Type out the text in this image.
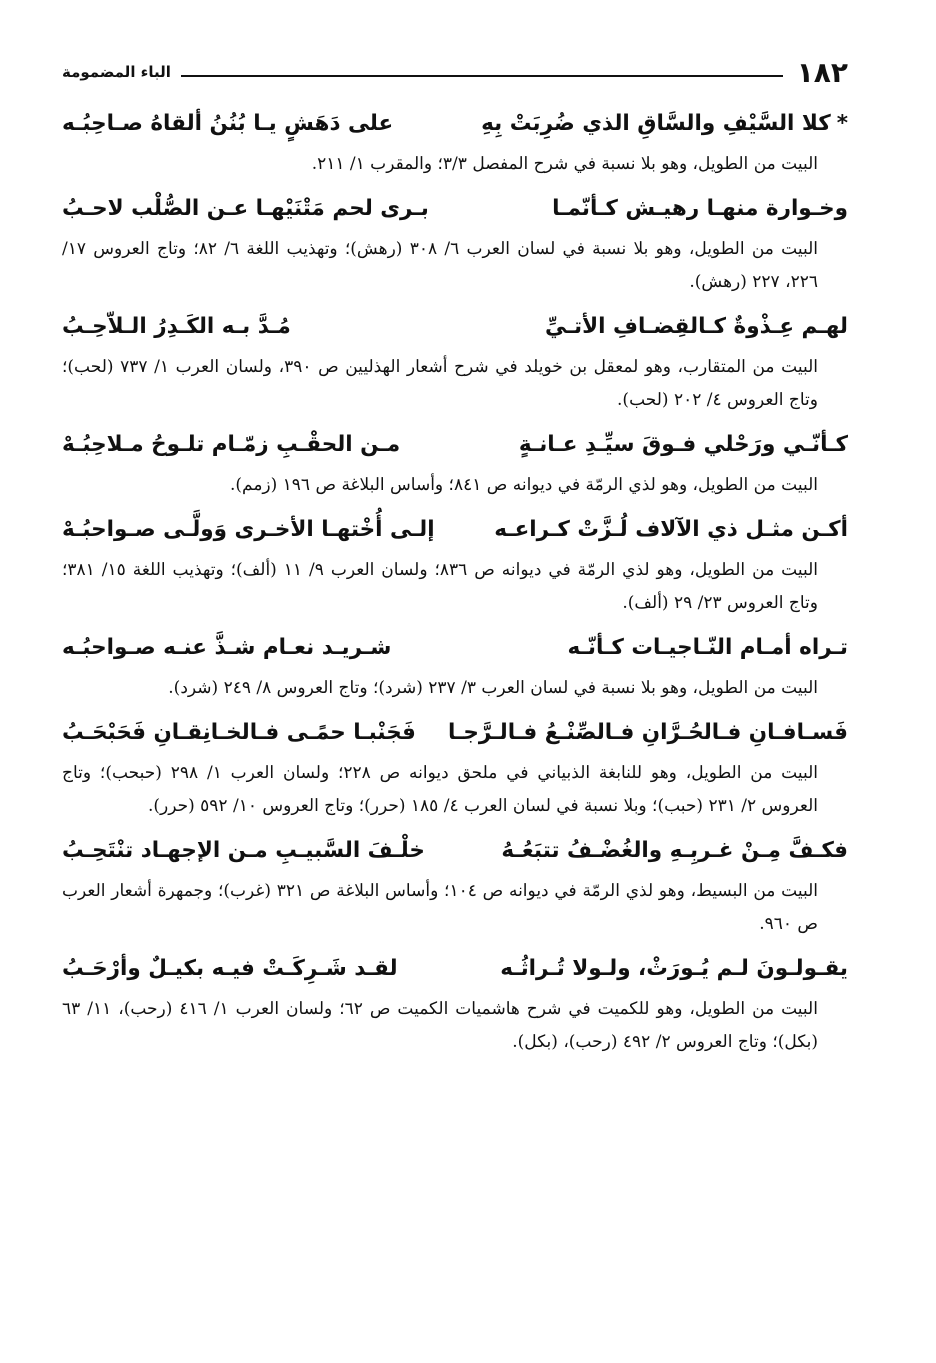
١٨٢
الباء المضمومة
*كلا السَّيْفِ والسَّاقِ الذي ضُرِبَتْ بِهِ
على دَهَشٍ يـا بُنُنُ ألقاهُ صـاحِبُـه

البيت من الطويل، وهو بلا نسبة في شرح المفصل ٣/٣؛ والمقرب ١/ ٢١١.

وخـوارة منهـا رهيـش كـأنّمـا
بـرى لحم مَتْنَيْهـا عـن الصُّلْب لاحـبُ

البيت من الطويل، وهو بلا نسبة في لسان العرب ٦/ ٣٠٨ (رهش)؛ وتهذيب اللغة ٦/ ٨٢؛ وتاج العروس ١٧/ ٢٢٦، ٢٢٧ (رهش).

لهـم عِـذْوةٌ كـالقِضـافِ الأتـيِّ
مُـدَّ بـه الكَـدِرُ الـلاّحِـبُ

البيت من المتقارب، وهو لمعقل بن خويلد في شرح أشعار الهذليين ص ٣٩٠، ولسان العرب ١/ ٧٣٧ (لحب)؛ وتاج العروس ٤/ ٢٠٢ (لحب).

كـأنّـي ورَحْلي فـوقَ سيِّـدِ عـانـةٍ
مـن الحقْـبِ زمّـام تلـوحُ مـلاحِبُـهْ

البيت من الطويل، وهو لذي الرمّة في ديوانه ص ٨٤١؛ وأساس البلاغة ص ١٩٦ (زمم).

أكـن مثـل ذي الآلاف لُـزَّتْ كـراعـه
إلـى أُخْتهـا الأخـرى وَولَّـى صـواحبُـهْ

البيت من الطويل، وهو لذي الرمّة في ديوانه ص ٨٣٦؛ ولسان العرب ٩/ ١١ (ألف)؛ وتهذيب اللغة ١٥/ ٣٨١؛ وتاج العروس ٢٣/ ٢٩ (ألف).

تـراه أمـام النّـاجيـات كـأنّـه
شـريـد نعـام شـذَّ عنـه صـواحبُـه

البيت من الطويل، وهو بلا نسبة في لسان العرب ٣/ ٢٣٧ (شرد)؛ وتاج العروس ٨/ ٢٤٩ (شرد).

فَسـافـانِ فـالحُـرَّانِ فـالصِّنْـعُ فـالـرَّجـا
فَجَنْبـا حمًـى فـالخـانِقـانِ فَحَبْحَـبُ

البيت من الطويل، وهو للنابغة الذبياني في ملحق ديوانه ص ٢٢٨؛ ولسان العرب ١/ ٢٩٨ (حبحب)؛ وتاج العروس ٢/ ٢٣١ (حبب)؛ وبلا نسبة في لسان العرب ٤/ ١٨٥ (حرر)؛ وتاج العروس ١٠/ ٥٩٢ (حرر).

فكـفَّ مِـنْ غـربِـهِ والغُضْـفُ تتبَعُـهُ
خلْـفَ السَّبيـبِ مـن الإجهـاد تنْتَحِـبُ

البيت من البسيط، وهو لذي الرمّة في ديوانه ص ١٠٤؛ وأساس البلاغة ص ٣٢١ (غرب)؛ وجمهرة أشعار العرب ص ٩٦٠.

يقـولـونَ لـم يُـورَثْ، ولـولا تُـراثُـه
لقـد شَـرِكَـتْ فيـه بكيـلٌ وأرْحَـبُ

البيت من الطويل، وهو للكميت في شرح هاشميات الكميت ص ٦٢؛ ولسان العرب ١/ ٤١٦ (رحب)، ١١/ ٦٣ (بكل)؛ وتاج العروس ٢/ ٤٩٢ (رحب)، (بكل).
